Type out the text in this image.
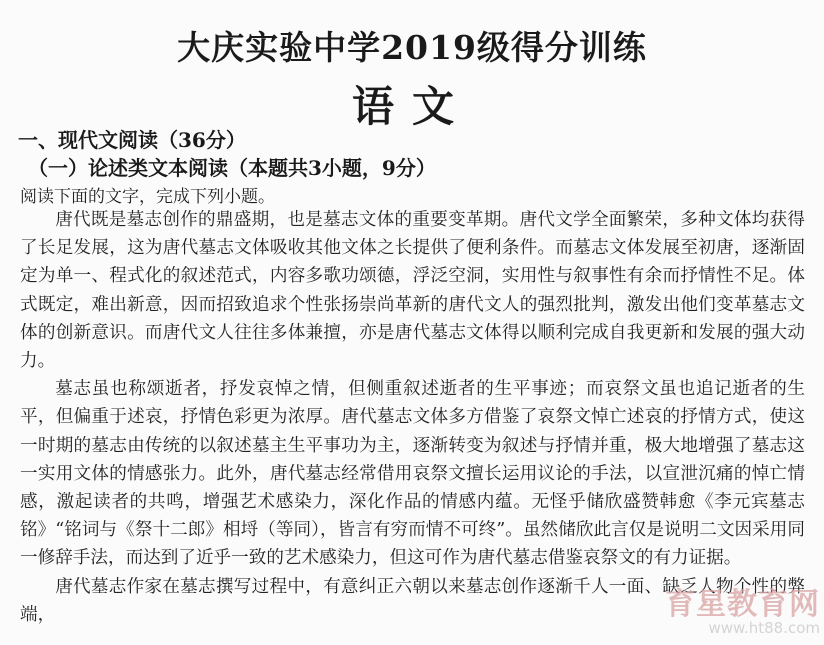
大庆实验中学2019级得分训练
语文
一、现代文阅读（36分）
（一）论述类文本阅读（本题共3小题，9分）
阅读下面的文字，完成下列小题。

唐代既是墓志创作的鼎盛期，也是墓志文体的重要变革期。唐代文学全面繁荣，多种文体均获得了长足发展，这为唐代墓志文体吸收其他文体之长提供了便利条件。而墓志文体发展至初唐，逐渐固定为单一、程式化的叙述范式，内容多歌功颂德，浮泛空洞，实用性与叙事性有余而抒情性不足。体式既定，难出新意，因而招致追求个性张扬崇尚革新的唐代文人的强烈批判，激发出他们变革墓志文体的创新意识。而唐代文人往往多体兼擅，亦是唐代墓志文体得以顺利完成自我更新和发展的强大动力。

墓志虽也称颂逝者，抒发哀悼之情，但侧重叙述逝者的生平事迹；而哀祭文虽也追记逝者的生平，但偏重于述哀，抒情色彩更为浓厚。唐代墓志文体多方借鉴了哀祭文悼亡述哀的抒情方式，使这一时期的墓志由传统的以叙述墓主生平事功为主，逐渐转变为叙述与抒情并重，极大地增强了墓志这一实用文体的情感张力。此外，唐代墓志经常借用哀祭文擅长运用议论的手法，以宣泄沉痛的悼亡情感，激起读者的共鸣，增强艺术感染力，深化作品的情感内蕴。无怪乎储欣盛赞韩愈《李元宾墓志铭》“铭词与《祭十二郎》相埒（等同），皆言有穷而情不可终”。虽然储欣此言仅是说明二文因采用同一修辞手法，而达到了近乎一致的艺术感染力，但这可作为唐代墓志借鉴哀祭文的有力证据。

唐代墓志作家在墓志撰写过程中，有意纠正六朝以来墓志创作逐渐千人一面、缺乏人物个性的弊端，	育星教育网
www.ht88.com
